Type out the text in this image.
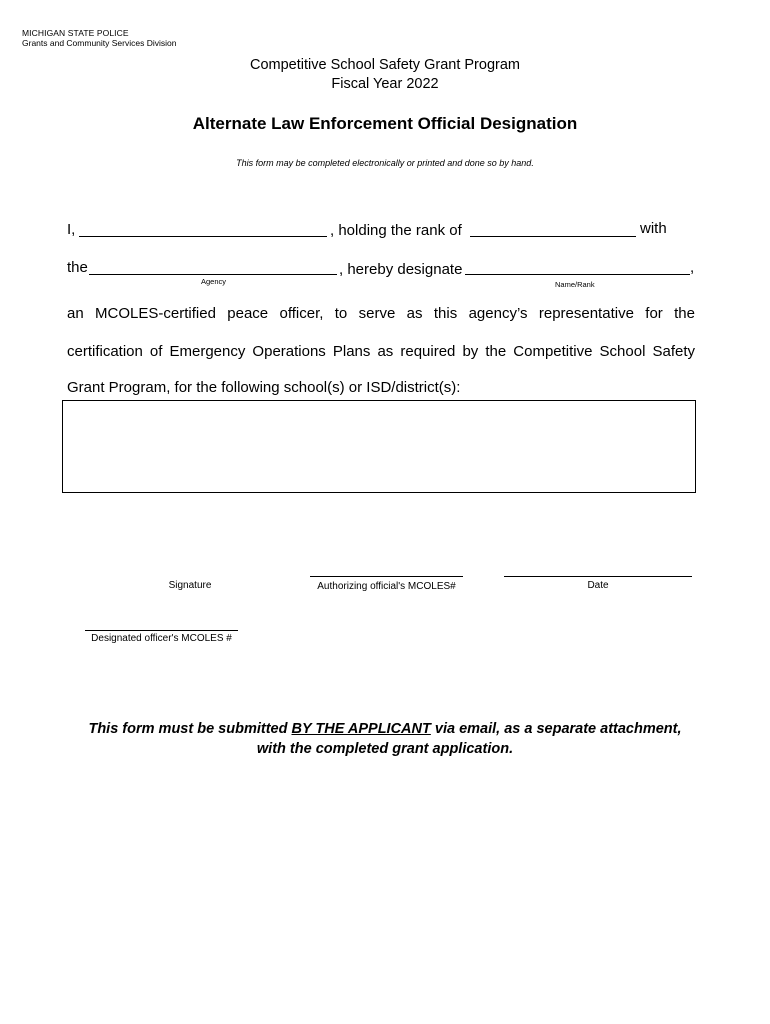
MICHIGAN STATE POLICE
Grants and Community Services Division
Competitive School Safety Grant Program
Fiscal Year 2022
Alternate Law Enforcement Official Designation
This form may be completed electronically or printed and done so by hand.
I,	, holding the rank of	with
the	, hereby designate	,
Agency	Name/Rank
an MCOLES-certified peace officer, to serve as this agency’s representative for the
certification of Emergency Operations Plans as required by the Competitive School Safety
Grant Program, for the following school(s) or ISD/district(s):
Signature	Authorizing official's MCOLES#	Date
Designated officer's MCOLES #
This form must be submitted BY THE APPLICANT via email, as a separate attachment,
with the completed grant application.
